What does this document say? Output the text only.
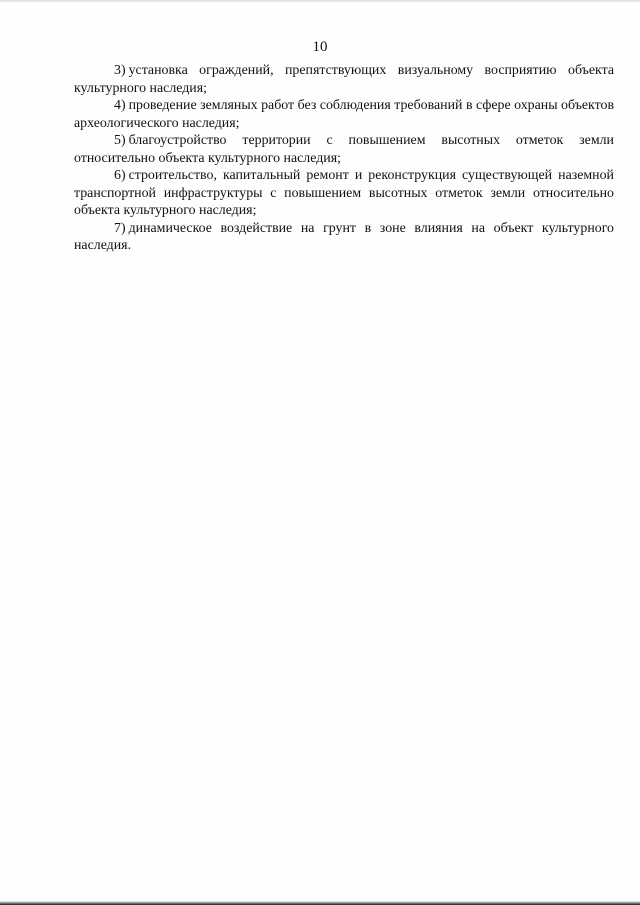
10

3) установка ограждений, препятствующих визуальному восприятию объекта культурного наследия;

4) проведение земляных работ без соблюдения требований в сфере охраны объектов археологического наследия;

5) благоустройство территории с повышением высотных отметок земли относительно объекта культурного наследия;

6) строительство, капитальный ремонт и реконструкция существующей наземной транспортной инфраструктуры с повышением высотных отметок земли относительно объекта культурного наследия;

7) динамическое воздействие на грунт в зоне влияния на объект культурного наследия.
